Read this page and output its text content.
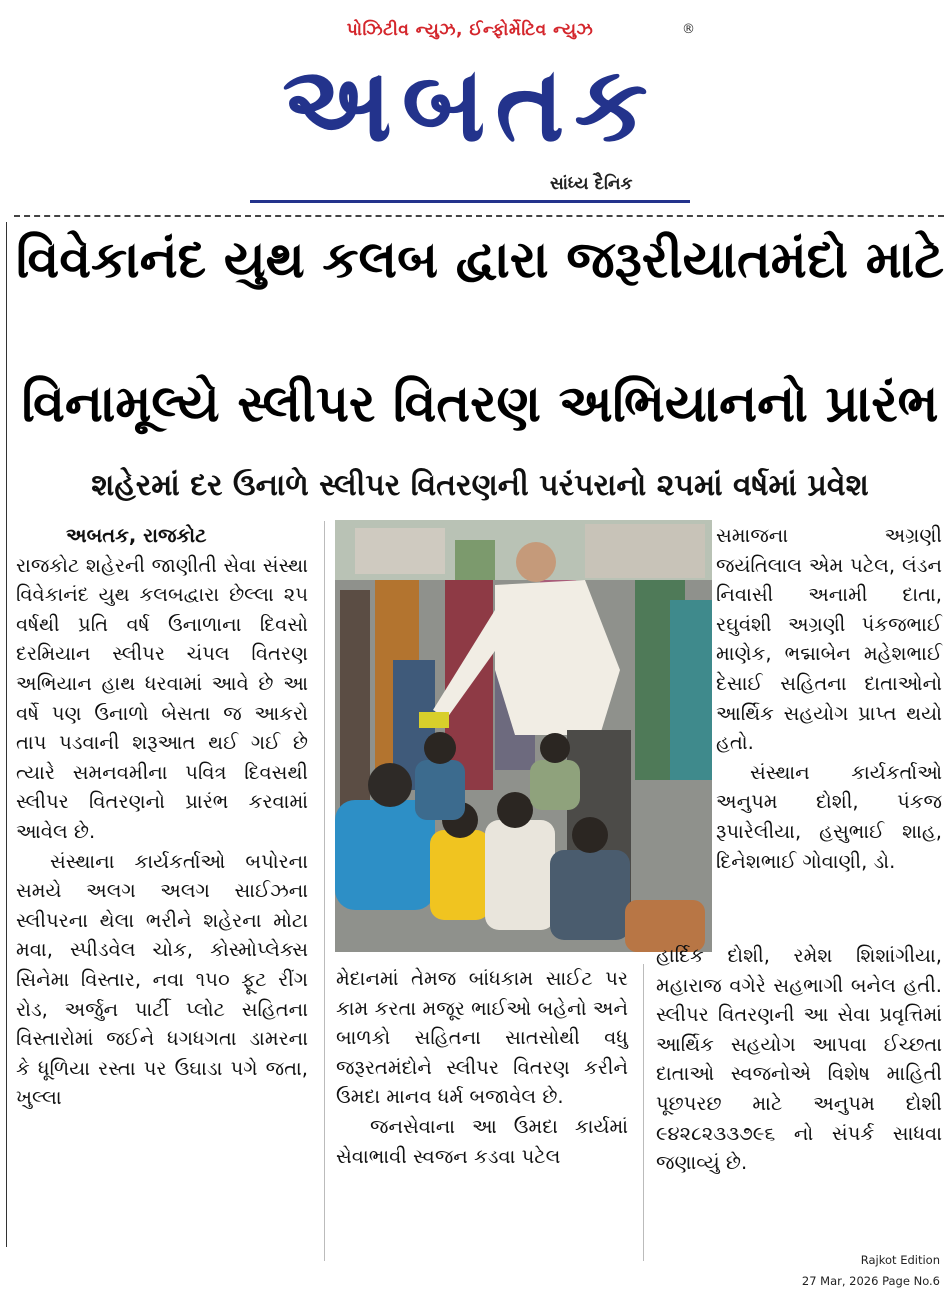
પોઝિટીવ ન્યુઝ, ઈન્ફોર્મેટિવ ન્યુઝ	®
અબતક
સાંધ્ય દૈનિક
વિવેકાનંદ યુથ કલબ દ્વારા જરૂરીયાતમંદો માટે
વિનામૂલ્યે સ્લીપર વિતરણ અભિયાનનો પ્રારંભ
શહેરમાં દર ઉનાળે સ્લીપર વિતરણની પરંપરાનો ૨૫માં વર્ષમાં પ્રવેશ

અબતક, રાજકોટ
રાજકોટ શહેરની જાણીતી સેવા સંસ્થા વિવેકાનંદ યુથ કલબદ્વારા છેલ્લા ૨૫ વર્ષથી પ્રતિ વર્ષ ઉનાળાના દિવસો દરમિયાન સ્લીપર ચંપલ વિતરણ અભિયાન હાથ ધરવામાં આવે છે આ વર્ષે પણ ઉનાળો બેસતા જ આકરો તાપ પડવાની શરૂઆત થઈ ગઈ છે ત્યારે સમનવમીના પવિત્ર દિવસથી સ્લીપર વિતરણનો પ્રારંભ કરવામાં આવેલ છે.

સંસ્થાના કાર્યકર્તાઓ બપોરના સમયે અલગ અલગ સાઈઝના સ્લીપરના થેલા ભરીને શહેરના મોટા મવા, સ્પીડવેલ ચોક, કોસ્મોપ્લેક્સ સિનેમા વિસ્તાર, નવા ૧૫૦ ફૂટ રીંગ રોડ, અર્જુન પાર્ટી પ્લોટ સહિતના વિસ્તારોમાં જઈને ધગધગતા ડામરના કે ધૂળિયા રસ્તા પર ઉઘાડા પગે જતા, ખુલ્લા

મેદાનમાં તેમજ બાંધકામ સાઈટ પર કામ કરતા મજૂર ભાઈઓ બહેનો અને બાળકો સહિતના સાતસોથી વધુ જરૂરતમંદોને સ્લીપર વિતરણ કરીને ઉમદા માનવ ધર્મ બજાવેલ છે.

જનસેવાના આ ઉમદા કાર્યમાં સેવાભાવી સ્વજન કડવા પટેલ

સમાજના અગ્રણી જયંતિલાલ એમ પટેલ, લંડન નિવાસી અનામી દાતા, રઘુવંશી અગ્રણી પંકજભાઈ માણેક, ભદ્માબેન મહેશભાઈ દેસાઈ સહિતના દાતાઓનો આર્થિક સહયોગ પ્રાપ્ત થયો હતો.

સંસ્થાન કાર્યકર્તાઓ અનુપમ દોશી, પંકજ રૂપારેલીયા, હસુભાઈ શાહ, દિનેશભાઈ ગોવાણી, ડો.

હાર્દિક દોશી, રમેશ શિશાંગીયા, મહારાજ વગેરે સહભાગી બનેલ હતી. સ્લીપર વિતરણની આ સેવા પ્રવૃત્તિમાં આર્થિક સહયોગ આપવા ઈચ્છતા દાતાઓ સ્વજનોએ વિશેષ માહિતી પૂછપરછ માટે અનુપમ દોશી ૯૪૨૮૨૩૩૭૯૬ નો સંપર્ક સાધવા જણાવ્યું છે.

Rajkot Edition
27 Mar, 2026 Page No.6
